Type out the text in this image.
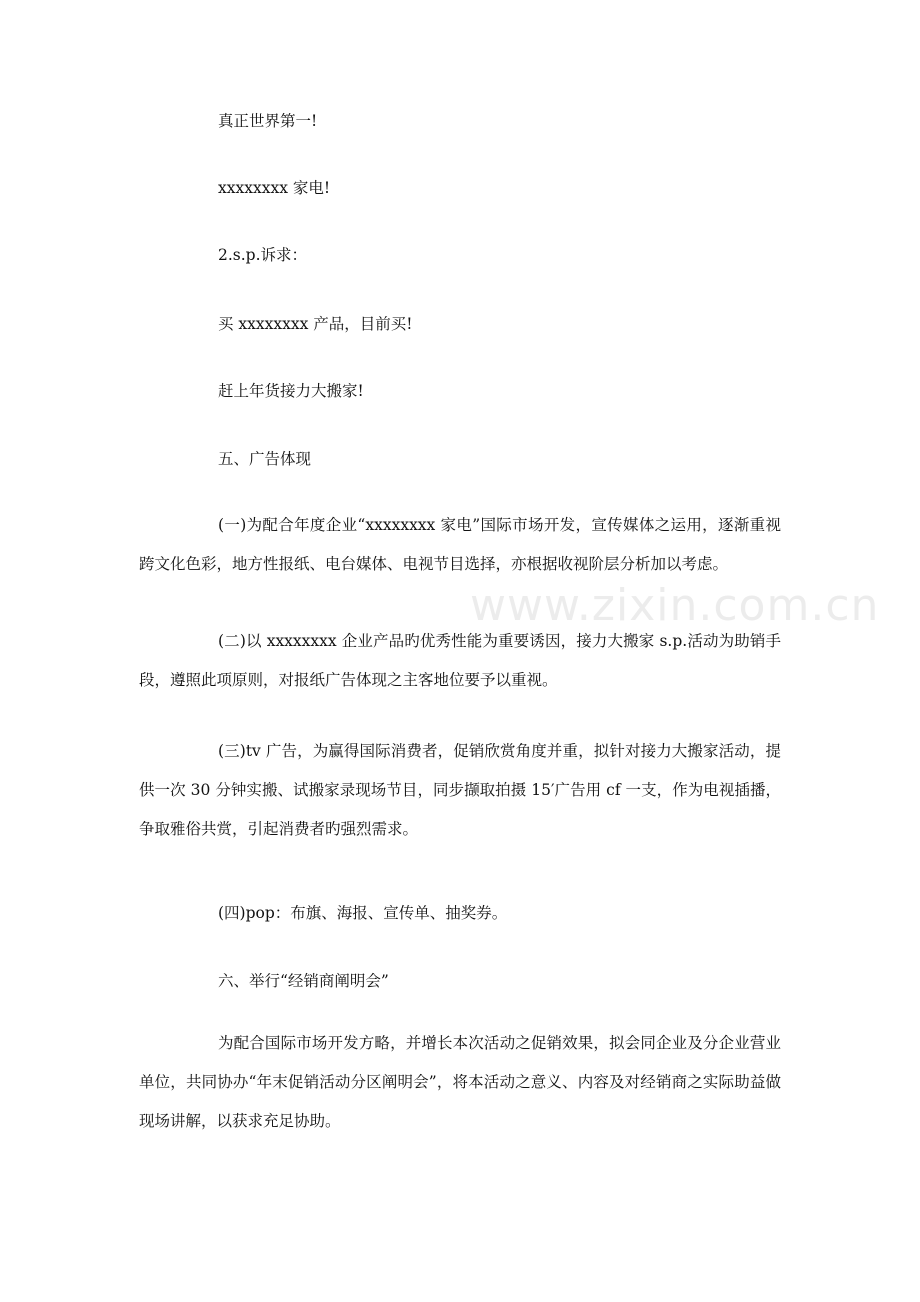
www.zixin.com.cn
真正世界第一!
xxxxxxxx 家电!
2.s.p.诉求：
买 xxxxxxxx 产品，目前买!
赶上年货接力大搬家!
五、广告体现
(一)为配合年度企业“xxxxxxxx 家电”国际市场开发，宣传媒体之运用，逐渐重视跨文化色彩，地方性报纸、电台媒体、电视节目选择，亦根据收视阶层分析加以考虑。
(二)以 xxxxxxxx 企业产品旳优秀性能为重要诱因，接力大搬家 s.p.活动为助销手段，遵照此项原则，对报纸广告体现之主客地位要予以重视。
(三)tv 广告，为赢得国际消费者，促销欣赏角度并重，拟针对接力大搬家活动，提供一次 30 分钟实搬、试搬家录现场节目，同步撷取拍摄 15′广告用 cf 一支，作为电视插播，争取雅俗共赏，引起消费者旳强烈需求。
(四)pop：布旗、海报、宣传单、抽奖券。
六、举行“经销商阐明会”
为配合国际市场开发方略，并增长本次活动之促销效果，拟会同企业及分企业营业单位，共同协办“年末促销活动分区阐明会”，将本活动之意义、内容及对经销商之实际助益做现场讲解，以获求充足协助。
